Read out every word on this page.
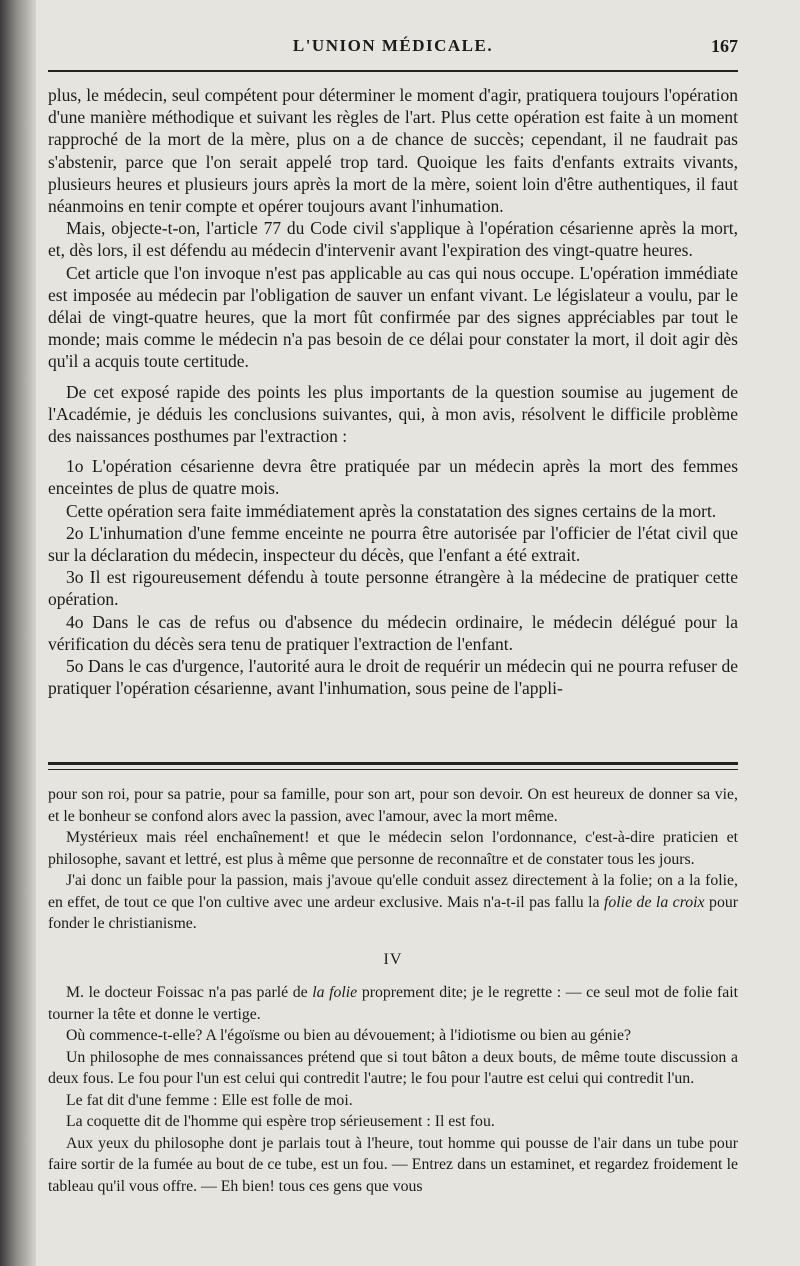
L'UNION MÉDICALE.	167

plus, le médecin, seul compétent pour déterminer le moment d'agir, pratiquera toujours l'opération d'une manière méthodique et suivant les règles de l'art. Plus cette opération est faite à un moment rapproché de la mort de la mère, plus on a de chance de succès; cependant, il ne faudrait pas s'abstenir, parce que l'on serait appelé trop tard. Quoique les faits d'enfants extraits vivants, plusieurs heures et plusieurs jours après la mort de la mère, soient loin d'être authentiques, il faut néanmoins en tenir compte et opérer toujours avant l'inhumation.

Mais, objecte-t-on, l'article 77 du Code civil s'applique à l'opération césarienne après la mort, et, dès lors, il est défendu au médecin d'intervenir avant l'expiration des vingt-quatre heures.

Cet article que l'on invoque n'est pas applicable au cas qui nous occupe. L'opération immédiate est imposée au médecin par l'obligation de sauver un enfant vivant. Le législateur a voulu, par le délai de vingt-quatre heures, que la mort fût confirmée par des signes appréciables par tout le monde; mais comme le médecin n'a pas besoin de ce délai pour constater la mort, il doit agir dès qu'il a acquis toute certitude.

De cet exposé rapide des points les plus importants de la question soumise au jugement de l'Académie, je déduis les conclusions suivantes, qui, à mon avis, résolvent le difficile problème des naissances posthumes par l'extraction :

1o L'opération césarienne devra être pratiquée par un médecin après la mort des femmes enceintes de plus de quatre mois.

Cette opération sera faite immédiatement après la constatation des signes certains de la mort.

2o L'inhumation d'une femme enceinte ne pourra être autorisée par l'officier de l'état civil que sur la déclaration du médecin, inspecteur du décès, que l'enfant a été extrait.

3o Il est rigoureusement défendu à toute personne étrangère à la médecine de pratiquer cette opération.

4o Dans le cas de refus ou d'absence du médecin ordinaire, le médecin délégué pour la vérification du décès sera tenu de pratiquer l'extraction de l'enfant.

5o Dans le cas d'urgence, l'autorité aura le droit de requérir un médecin qui ne pourra refuser de pratiquer l'opération césarienne, avant l'inhumation, sous peine de l'appli-

pour son roi, pour sa patrie, pour sa famille, pour son art, pour son devoir. On est heureux de donner sa vie, et le bonheur se confond alors avec la passion, avec l'amour, avec la mort même.

Mystérieux mais réel enchaînement! et que le médecin selon l'ordonnance, c'est-à-dire praticien et philosophe, savant et lettré, est plus à même que personne de reconnaître et de constater tous les jours.

J'ai donc un faible pour la passion, mais j'avoue qu'elle conduit assez directement à la folie; on a la folie, en effet, de tout ce que l'on cultive avec une ardeur exclusive. Mais n'a-t-il pas fallu la folie de la croix pour fonder le christianisme.

IV

M. le docteur Foissac n'a pas parlé de la folie proprement dite; je le regrette : — ce seul mot de folie fait tourner la tête et donne le vertige.

Où commence-t-elle? A l'égoïsme ou bien au dévouement; à l'idiotisme ou bien au génie?

Un philosophe de mes connaissances prétend que si tout bâton a deux bouts, de même toute discussion a deux fous. Le fou pour l'un est celui qui contredit l'autre; le fou pour l'autre est celui qui contredit l'un.

Le fat dit d'une femme : Elle est folle de moi.

La coquette dit de l'homme qui espère trop sérieusement : Il est fou.

Aux yeux du philosophe dont je parlais tout à l'heure, tout homme qui pousse de l'air dans un tube pour faire sortir de la fumée au bout de ce tube, est un fou. — Entrez dans un estaminet, et regardez froidement le tableau qu'il vous offre. — Eh bien! tous ces gens que vous
